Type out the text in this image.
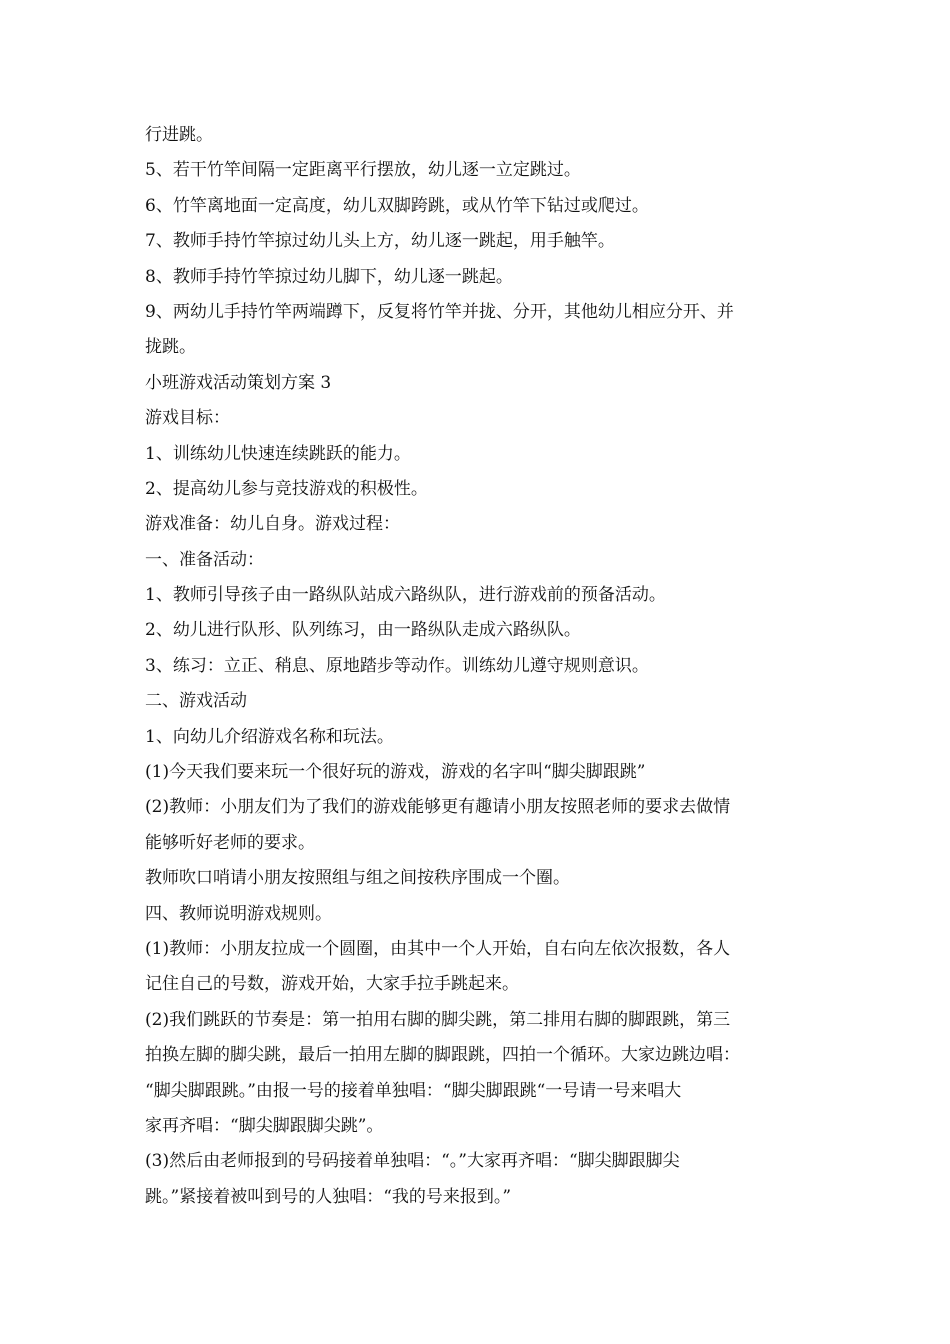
行进跳。
5、若干竹竿间隔一定距离平行摆放，幼儿逐一立定跳过。
6、竹竿离地面一定高度，幼儿双脚跨跳，或从竹竿下钻过或爬过。
7、教师手持竹竿掠过幼儿头上方，幼儿逐一跳起，用手触竿。
8、教师手持竹竿掠过幼儿脚下，幼儿逐一跳起。
9、两幼儿手持竹竿两端蹲下，反复将竹竿并拢、分开，其他幼儿相应分开、并
拢跳。
小班游戏活动策划方案 3
游戏目标：
1、训练幼儿快速连续跳跃的能力。
2、提高幼儿参与竞技游戏的积极性。
游戏准备：幼儿自身。游戏过程：
一、准备活动：
1、教师引导孩子由一路纵队站成六路纵队，进行游戏前的预备活动。
2、幼儿进行队形、队列练习，由一路纵队走成六路纵队。
3、练习：立正、稍息、原地踏步等动作。训练幼儿遵守规则意识。
二、游戏活动
1、向幼儿介绍游戏名称和玩法。
(1)今天我们要来玩一个很好玩的游戏，游戏的名字叫“脚尖脚跟跳”
(2)教师：小朋友们为了我们的游戏能够更有趣请小朋友按照老师的要求去做情
能够听好老师的要求。
教师吹口哨请小朋友按照组与组之间按秩序围成一个圈。
四、教师说明游戏规则。
(1)教师：小朋友拉成一个圆圈，由其中一个人开始，自右向左依次报数，各人
记住自己的号数，游戏开始，大家手拉手跳起来。
(2)我们跳跃的节奏是：第一拍用右脚的脚尖跳，第二排用右脚的脚跟跳，第三
拍换左脚的脚尖跳，最后一拍用左脚的脚跟跳，四拍一个循环。大家边跳边唱：
“脚尖脚跟跳。”由报一号的接着单独唱：“脚尖脚跟跳“一号请一号来唱大
家再齐唱：“脚尖脚跟脚尖跳”。
(3)然后由老师报到的号码接着单独唱：“。”大家再齐唱：“脚尖脚跟脚尖
跳。”紧接着被叫到号的人独唱：“我的号来报到。”
